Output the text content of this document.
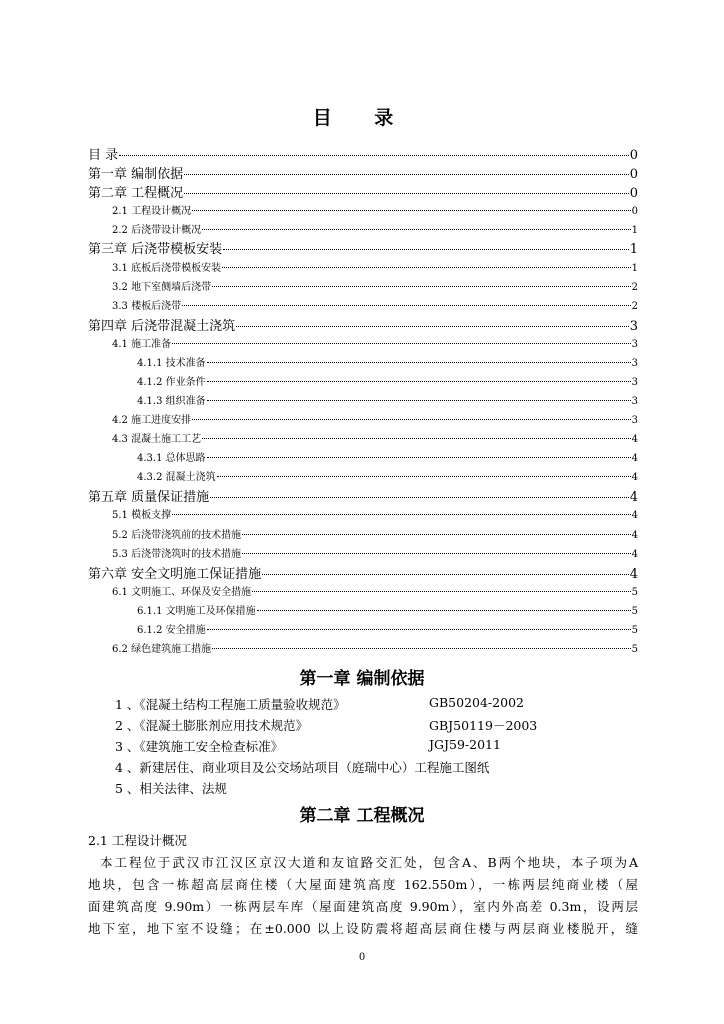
目 录
目 录	0
第一章 编制依据	0
第二章 工程概况	0
2.1 工程设计概况	0
2.2 后浇带设计概况	1
第三章 后浇带模板安装	1
3.1 底板后浇带模板安装	1
3.2 地下室侧墙后浇带	2
3.3 楼板后浇带	2
第四章 后浇带混凝土浇筑	3
4.1 施工准备	3
4.1.1 技术准备	3
4.1.2 作业条件	3
4.1.3 组织准备	3
4.2 施工进度安排	3
4.3 混凝土施工工艺	4
4.3.1 总体思路	4
4.3.2 混凝土浇筑	4
第五章 质量保证措施	4
5.1 模板支撑	4
5.2 后浇带浇筑前的技术措施	4
5.3 后浇带浇筑时的技术措施	4
第六章 安全文明施工保证措施	4
6.1 文明施工、环保及安全措施	5
6.1.1 文明施工及环保措施	5
6.1.2 安全措施	5
6.2 绿色建筑施工措施	5
第一章 编制依据
1 、《混凝土结构工程施工质量验收规范》	GB50204-2002
2 、《混凝土膨胀剂应用技术规范》	GBJ50119－2003
3 、《建筑施工安全检查标准》	JGJ59-2011
4 、新建居住、商业项目及公交场站项目（庭瑞中心）工程施工图纸
5 、相关法律、法规
第二章 工程概况
2.1 工程设计概况
本工程位于武汉市江汉区京汉大道和友谊路交汇处，包含A、B两个地块，本子项为A
地块，包含一栋超高层商住楼（大屋面建筑高度 162.550m），一栋两层纯商业楼（屋
面建筑高度 9.90m）一栋两层车库（屋面建筑高度 9.90m），室内外高差 0.3m，设两层
地下室，地下室不设缝；在±0.000 以上设防震将超高层商住楼与两层商业楼脱开，缝
0
